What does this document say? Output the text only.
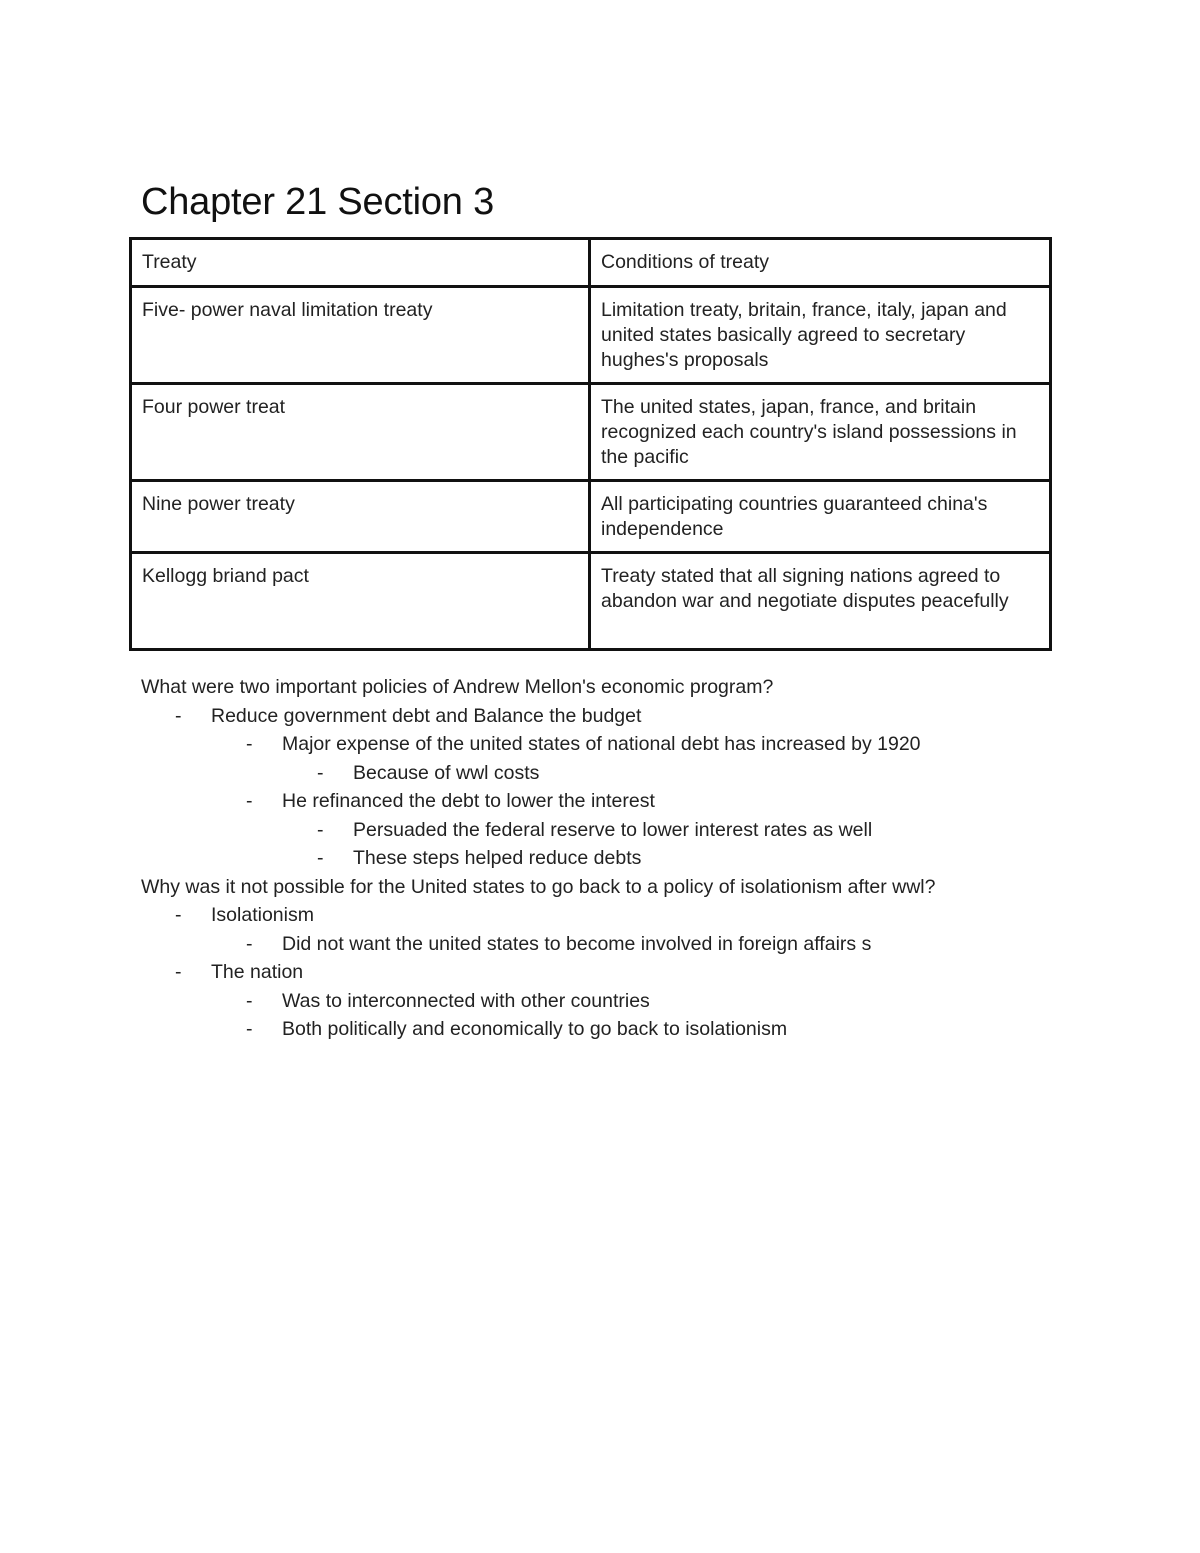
Chapter 21 Section 3
Treaty	Conditions of treaty
Five- power naval limitation treaty	Limitation treaty, britain, france, italy, japan and united states basically agreed to secretary hughes's proposals
Four power treat	The united states, japan, france, and britain recognized each country's island possessions in the pacific
Nine power treaty	All participating countries guaranteed china's independence
Kellogg briand pact	Treaty stated that all signing nations agreed to abandon war and negotiate disputes peacefully
What were two important policies of Andrew Mellon's economic program?
- Reduce government debt and Balance the budget
- Major expense of the united states of national debt has increased by 1920
- Because of wwl costs
- He refinanced the debt to lower the interest
- Persuaded the federal reserve to lower interest rates as well
- These steps helped reduce debts
Why was it not possible for the United states to go back to a policy of isolationism after wwl?
- Isolationism
- Did not want the united states to become involved in foreign affairs s
- The nation
- Was to interconnected with other countries
- Both politically and economically to go back to isolationism
